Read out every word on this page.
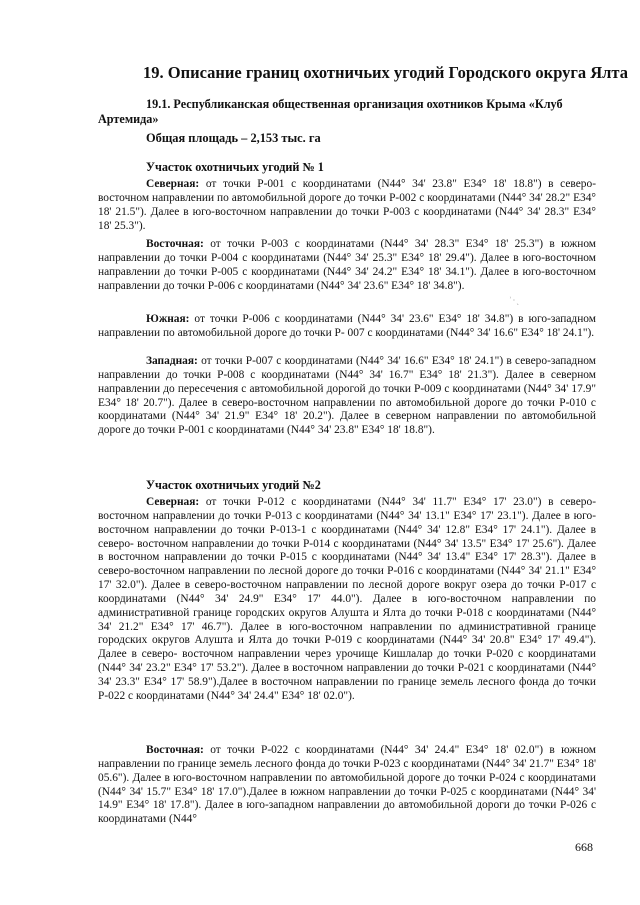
19. Описание границ охотничьих угодий Городского округа Ялта
19.1. Республиканская общественная организация охотников Крыма «Клуб Артемида»
Общая площадь – 2,153 тыс. га
Участок охотничьих угодий № 1
Северная: от точки Р-001 с координатами (N44° 34' 23.8" E34° 18' 18.8") в северо-восточном направлении по автомобильной дороге до точки Р-002 с координатами (N44° 34' 28.2" E34° 18' 21.5"). Далее в юго-восточном направлении до точки Р-003 с координатами (N44° 34' 28.3" E34° 18' 25.3").
Восточная: от точки Р-003 с координатами (N44° 34' 28.3" E34° 18' 25.3") в южном направлении до точки Р-004 с координатами (N44° 34' 25.3" E34° 18' 29.4"). Далее в юго-восточном направлении до точки Р-005 с координатами (N44° 34' 24.2" E34° 18' 34.1"). Далее в юго-восточном направлении до точки Р-006 с координатами (N44° 34' 23.6" E34° 18' 34.8").
ʾ·ˏ
Южная: от точки Р-006 с координатами (N44° 34' 23.6" E34° 18' 34.8") в юго-западном направлении по автомобильной дороге до точки Р- 007 с координатами (N44° 34' 16.6" E34° 18' 24.1").
Западная: от точки Р-007 с координатами (N44° 34' 16.6" E34° 18' 24.1") в северо-западном направлении до точки Р-008 с координатами (N44° 34' 16.7" E34° 18' 21.3"). Далее в северном направлении до пересечения с автомобильной дорогой до точки Р-009 с координатами (N44° 34' 17.9" E34° 18' 20.7"). Далее в северо-восточном направлении по автомобильной дороге до точки Р-010 с координатами (N44° 34' 21.9" E34° 18' 20.2"). Далее в северном направлении по автомобильной дороге до точки Р-001 с координатами (N44° 34' 23.8" E34° 18' 18.8").
Участок охотничьих угодий №2
Северная: от точки Р-012 с координатами (N44° 34' 11.7" E34° 17' 23.0") в северо-восточном направлении до точки Р-013 с координатами (N44° 34' 13.1" E34° 17' 23.1"). Далее в юго-восточном направлении до точки Р-013-1 с координатами (N44° 34' 12.8" E34° 17' 24.1"). Далее в северо- восточном направлении до точки Р-014 с координатами (N44° 34' 13.5" E34° 17' 25.6"). Далее в восточном направлении до точки Р-015 с координатами (N44° 34' 13.4" E34° 17' 28.3"). Далее в северо-восточном направлении по лесной дороге до точки Р-016 с координатами (N44° 34' 21.1" E34° 17' 32.0"). Далее в северо-восточном направлении по лесной дороге вокруг озера до точки Р-017 с координатами (N44° 34' 24.9" E34° 17' 44.0"). Далее в юго-восточном направлении по административной границе городских округов Алушта и Ялта до точки Р-018 с координатами (N44° 34' 21.2" E34° 17' 46.7"). Далее в юго-восточном направлении по административной границе городских округов Алушта и Ялта до точки Р-019 с координатами (N44° 34' 20.8" E34° 17' 49.4"). Далее в северо- восточном направлении через урочище Кишлалар до точки Р-020 с координатами (N44° 34' 23.2" E34° 17' 53.2"). Далее в восточном направлении до точки Р-021 с координатами (N44° 34' 23.3" E34° 17' 58.9").Далее в восточном направлении по границе земель лесного фонда до точки Р-022 с координатами (N44° 34' 24.4" E34° 18' 02.0").
Восточная: от точки Р-022 с координатами (N44° 34' 24.4" E34° 18' 02.0") в южном направлении по границе земель лесного фонда до точки Р-023 с координатами (N44° 34' 21.7" E34° 18' 05.6"). Далее в юго-восточном направлении по автомобильной дороге до точки Р-024 с координатами (N44° 34' 15.7" E34° 18' 17.0").Далее в южном направлении до точки Р-025 с координатами (N44° 34' 14.9" E34° 18' 17.8"). Далее в юго-западном направлении до автомобильной дороги до точки Р-026 с координатами (N44°
668
